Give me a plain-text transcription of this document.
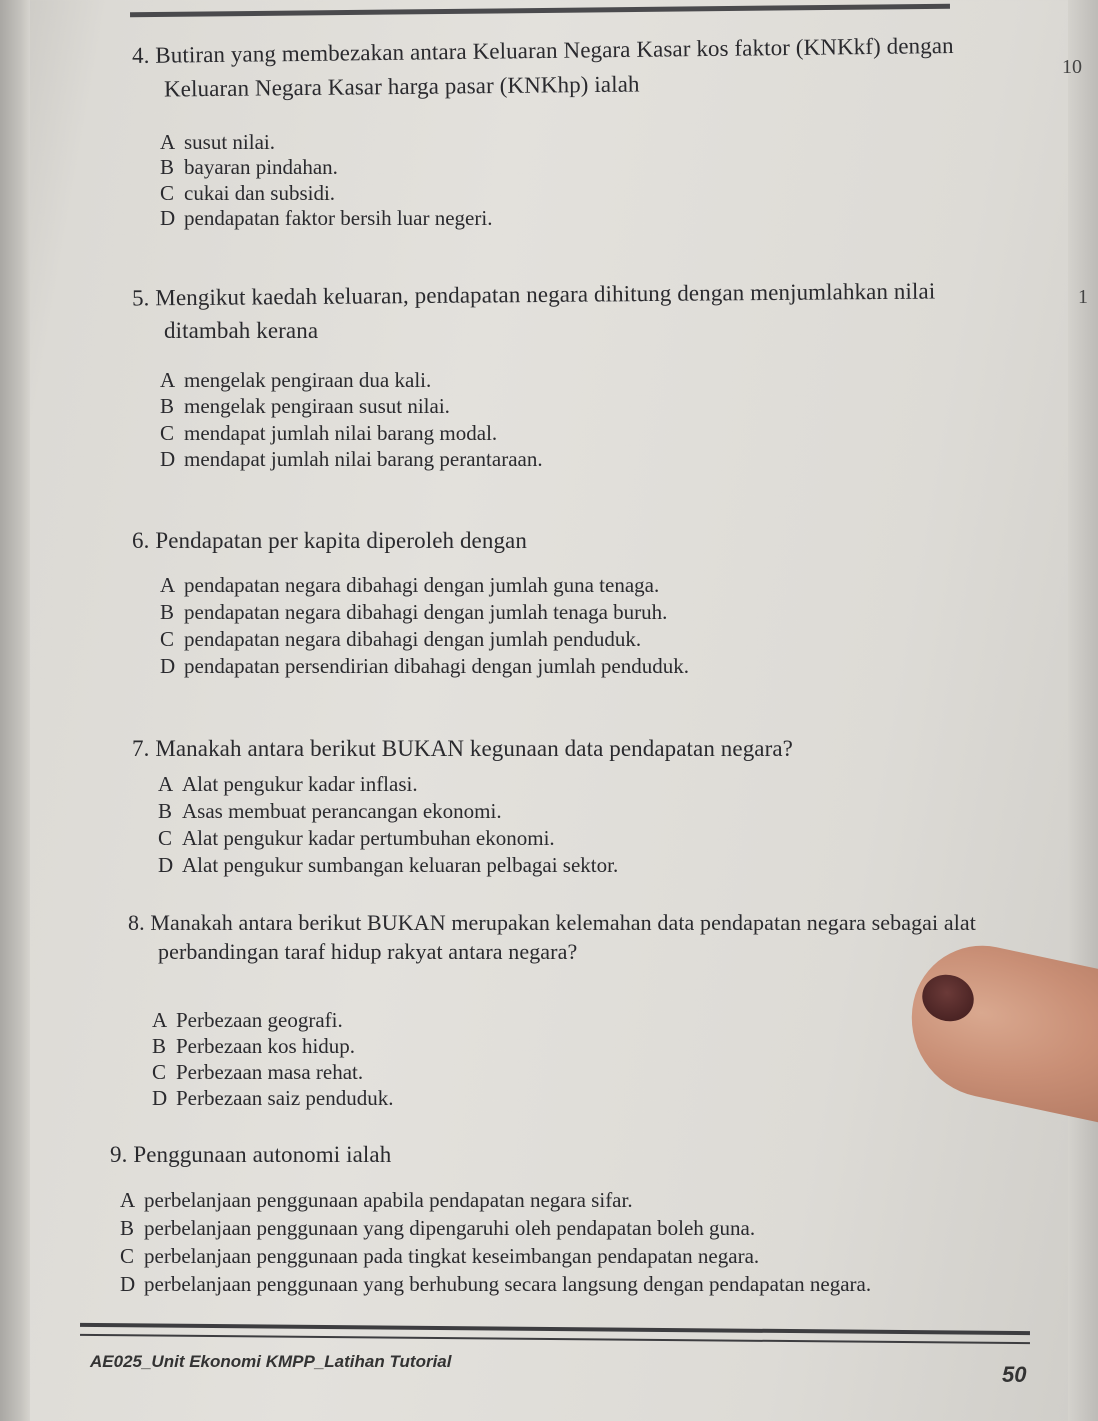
10
1
4. Butiran yang membezakan antara Keluaran Negara Kasar kos faktor (KNKkf) dengan
Keluaran Negara Kasar harga pasar (KNKhp) ialah
A susut nilai.
B bayaran pindahan.
C cukai dan subsidi.
D pendapatan faktor bersih luar negeri.
5. Mengikut kaedah keluaran, pendapatan negara dihitung dengan menjumlahkan nilai
ditambah kerana
A mengelak pengiraan dua kali.
B mengelak pengiraan susut nilai.
C mendapat jumlah nilai barang modal.
D mendapat jumlah nilai barang perantaraan.
6. Pendapatan per kapita diperoleh dengan
A pendapatan negara dibahagi dengan jumlah guna tenaga.
B pendapatan negara dibahagi dengan jumlah tenaga buruh.
C pendapatan negara dibahagi dengan jumlah penduduk.
D pendapatan persendirian dibahagi dengan jumlah penduduk.
7. Manakah antara berikut BUKAN kegunaan data pendapatan negara?
A Alat pengukur kadar inflasi.
B Asas membuat perancangan ekonomi.
C Alat pengukur kadar pertumbuhan ekonomi.
D Alat pengukur sumbangan keluaran pelbagai sektor.
8. Manakah antara berikut BUKAN merupakan kelemahan data pendapatan negara sebagai alat
perbandingan taraf hidup rakyat antara negara?
A Perbezaan geografi.
B Perbezaan kos hidup.
C Perbezaan masa rehat.
D Perbezaan saiz penduduk.
9. Penggunaan autonomi ialah
A perbelanjaan penggunaan apabila pendapatan negara sifar.
B perbelanjaan penggunaan yang dipengaruhi oleh pendapatan boleh guna.
C perbelanjaan penggunaan pada tingkat keseimbangan pendapatan negara.
D perbelanjaan penggunaan yang berhubung secara langsung dengan pendapatan negara.
AE025_Unit Ekonomi KMPP_Latihan Tutorial
50
